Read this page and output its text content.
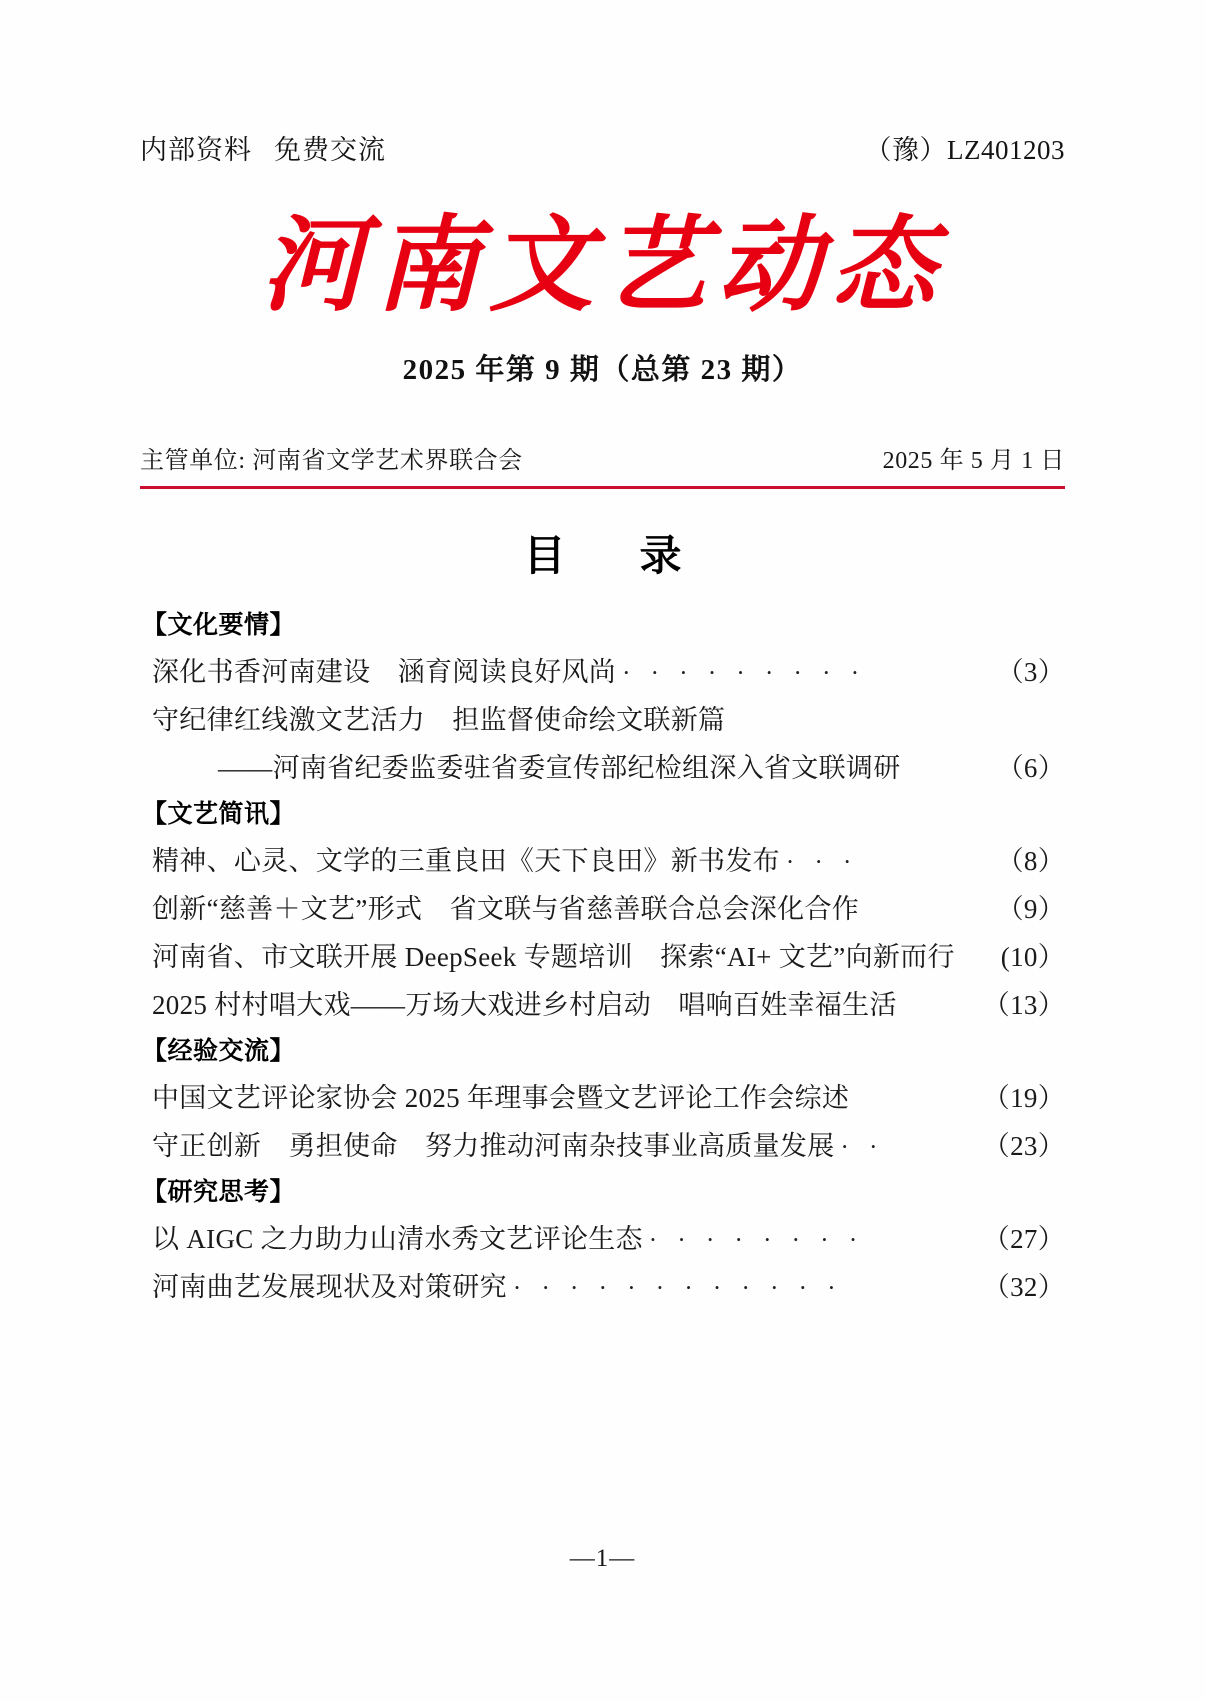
内部资料 免费交流	（豫）LZ401203
河南文艺动态
2025 年第 9 期（总第 23 期）
主管单位: 河南省文学艺术界联合会	2025 年 5 月 1 日
目　录
【文化要情】
深化书香河南建设　涵育阅读良好风尚 · · · · · · · · ·	（3）
守纪律红线激文艺活力　担监督使命绘文联新篇
——河南省纪委监委驻省委宣传部纪检组深入省文联调研	（6）
【文艺简讯】
精神、心灵、文学的三重良田《天下良田》新书发布 · · ·	（8）
创新“慈善＋文艺”形式　省文联与省慈善联合总会深化合作	（9）
河南省、市文联开展 DeepSeek 专题培训　探索“AI+ 文艺”向新而行 (10）
2025 村村唱大戏——万场大戏进乡村启动　唱响百姓幸福生活	（13）
【经验交流】
中国文艺评论家协会 2025 年理事会暨文艺评论工作会综述	（19）
守正创新　勇担使命　努力推动河南杂技事业高质量发展 · ·	（23）
【研究思考】
以 AIGC 之力助力山清水秀文艺评论生态 · · · · · · · ·	（27）
河南曲艺发展现状及对策研究 · · · · · · · · · · · ·	（32）
—1—
